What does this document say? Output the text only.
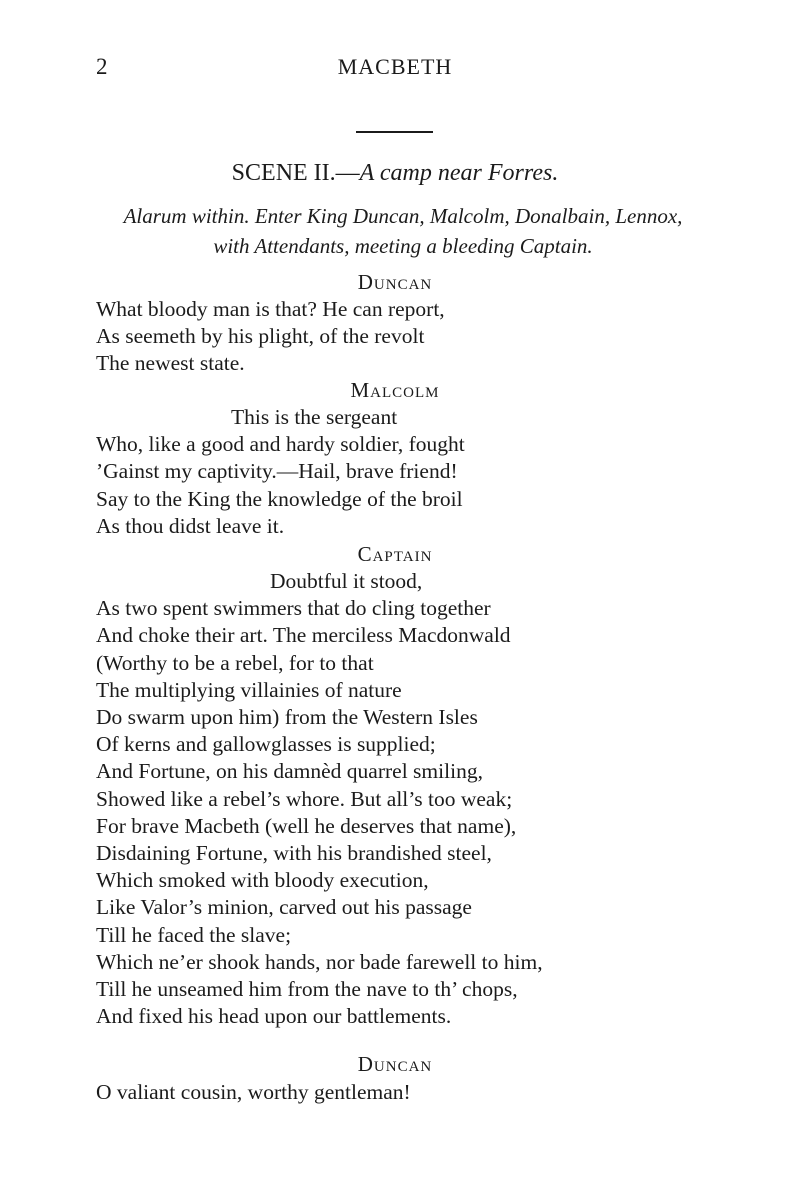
2	MACBETH
SCENE II.—A camp near Forres.
Alarum within. Enter King Duncan, Malcolm, Donalbain, Lennox,
with Attendants, meeting a bleeding Captain.
Duncan
What bloody man is that? He can report,
As seemeth by his plight, of the revolt
The newest state.
Malcolm
This is the sergeant
Who, like a good and hardy soldier, fought
’Gainst my captivity.—Hail, brave friend!
Say to the King the knowledge of the broil
As thou didst leave it.
Captain
Doubtful it stood,
As two spent swimmers that do cling together
And choke their art. The merciless Macdonwald
(Worthy to be a rebel, for to that
The multiplying villainies of nature
Do swarm upon him) from the Western Isles
Of kerns and gallowglasses is supplied;
And Fortune, on his damnèd quarrel smiling,
Showed like a rebel’s whore. But all’s too weak;
For brave Macbeth (well he deserves that name),
Disdaining Fortune, with his brandished steel,
Which smoked with bloody execution,
Like Valor’s minion, carved out his passage
Till he faced the slave;
Which ne’er shook hands, nor bade farewell to him,
Till he unseamed him from the nave to th’ chops,
And fixed his head upon our battlements.
Duncan
O valiant cousin, worthy gentleman!
